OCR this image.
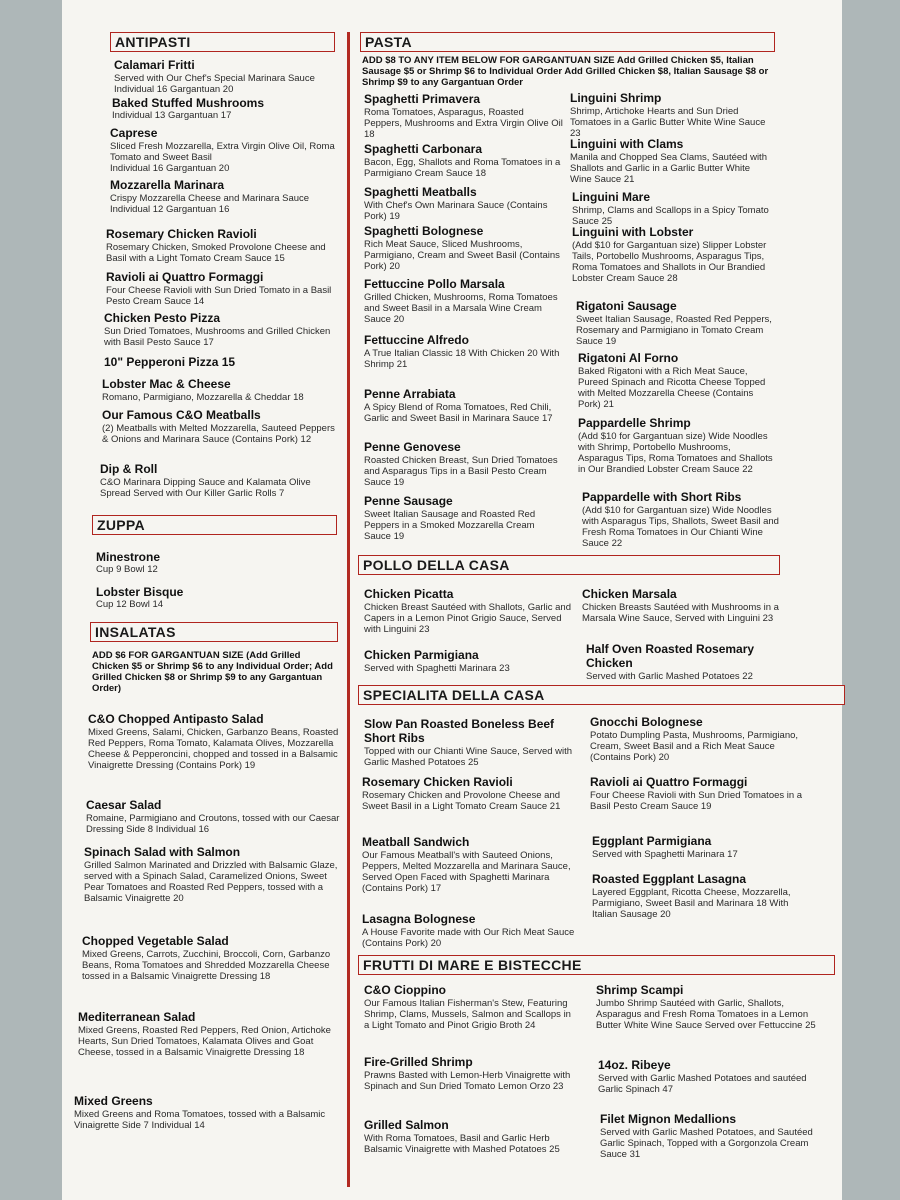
ANTIPASTI
ZUPPA
INSALATAS
PASTA
POLLO DELLA CASA
SPECIALITA DELLA CASA
FRUTTI DI MARE E BISTECCHE
Calamari Fritti
Served with Our Chef's Special Marinara Sauce
Individual 16 Gargantuan 20
Baked Stuffed Mushrooms
Individual 13 Gargantuan 17
Caprese
Sliced Fresh Mozzarella, Extra Virgin Olive Oil, Roma Tomato and Sweet Basil
Individual 16 Gargantuan 20
Mozzarella Marinara
Crispy Mozzarella Cheese and Marinara Sauce
Individual 12 Gargantuan 16
Rosemary Chicken Ravioli
Rosemary Chicken, Smoked Provolone Cheese and Basil with a Light Tomato Cream Sauce 15
Ravioli ai Quattro Formaggi
Four Cheese Ravioli with Sun Dried Tomato in a Basil Pesto Cream Sauce 14
Chicken Pesto Pizza
Sun Dried Tomatoes, Mushrooms and Grilled Chicken with Basil Pesto Sauce 17
10" Pepperoni Pizza 15
Lobster Mac & Cheese
Romano, Parmigiano, Mozzarella & Cheddar 18
Our Famous C&O Meatballs
(2) Meatballs with Melted Mozzarella, Sauteed Peppers & Onions and Marinara Sauce (Contains Pork) 12
Dip & Roll
C&O Marinara Dipping Sauce and Kalamata Olive Spread Served with Our Killer Garlic Rolls 7
Minestrone
Cup 9 Bowl 12
Lobster Bisque
Cup 12 Bowl 14
C&O Chopped Antipasto Salad
Mixed Greens, Salami, Chicken, Garbanzo Beans, Roasted Red Peppers, Roma Tomato, Kalamata Olives, Mozzarella Cheese & Pepperoncini, chopped and tossed in a Balsamic Vinaigrette Dressing (Contains Pork) 19
Caesar Salad
Romaine, Parmigiano and Croutons, tossed with our Caesar Dressing Side 8 Individual 16
Spinach Salad with Salmon
Grilled Salmon Marinated and Drizzled with Balsamic Glaze, served with a Spinach Salad, Caramelized Onions, Sweet Pear Tomatoes and Roasted Red Peppers, tossed with a Balsamic Vinaigrette 20
Chopped Vegetable Salad
Mixed Greens, Carrots, Zucchini, Broccoli, Corn, Garbanzo Beans, Roma Tomatoes and Shredded Mozzarella Cheese tossed in a Balsamic Vinaigrette Dressing 18
Mediterranean Salad
Mixed Greens, Roasted Red Peppers, Red Onion, Artichoke Hearts, Sun Dried Tomatoes, Kalamata Olives and Goat Cheese, tossed in a Balsamic Vinaigrette Dressing 18
Mixed Greens
Mixed Greens and Roma Tomatoes, tossed with a Balsamic Vinaigrette Side 7 Individual 14
Spaghetti Primavera
Roma Tomatoes, Asparagus, Roasted Peppers, Mushrooms and Extra Virgin Olive Oil 18
Spaghetti Carbonara
Bacon, Egg, Shallots and Roma Tomatoes in a Parmigiano Cream Sauce 18
Spaghetti Meatballs
With Chef's Own Marinara Sauce (Contains Pork) 19
Spaghetti Bolognese
Rich Meat Sauce, Sliced Mushrooms, Parmigiano, Cream and Sweet Basil (Contains Pork) 20
Fettuccine Pollo Marsala
Grilled Chicken, Mushrooms, Roma Tomatoes and Sweet Basil in a Marsala Wine Cream Sauce 20
Fettuccine Alfredo
A True Italian Classic 18 With Chicken 20 With Shrimp 21
Penne Arrabiata
A Spicy Blend of Roma Tomatoes, Red Chili, Garlic and Sweet Basil in Marinara Sauce 17
Penne Genovese
Roasted Chicken Breast, Sun Dried Tomatoes and Asparagus Tips in a Basil Pesto Cream Sauce 19
Penne Sausage
Sweet Italian Sausage and Roasted Red Peppers in a Smoked Mozzarella Cream Sauce 19
Linguini Shrimp
Shrimp, Artichoke Hearts and Sun Dried Tomatoes in a Garlic Butter White Wine Sauce 23
Linguini with Clams
Manila and Chopped Sea Clams, Sautéed with Shallots and Garlic in a Garlic Butter White Wine Sauce 21
Linguini Mare
Shrimp, Clams and Scallops in a Spicy Tomato Sauce 25
Linguini with Lobster
(Add $10 for Gargantuan size) Slipper Lobster Tails, Portobello Mushrooms, Asparagus Tips, Roma Tomatoes and Shallots in Our Brandied Lobster Cream Sauce 28
Rigatoni Sausage
Sweet Italian Sausage, Roasted Red Peppers, Rosemary and Parmigiano in Tomato Cream Sauce 19
Rigatoni Al Forno
Baked Rigatoni with a Rich Meat Sauce, Pureed Spinach and Ricotta Cheese Topped with Melted Mozzarella Cheese (Contains Pork) 21
Pappardelle Shrimp
(Add $10 for Gargantuan size) Wide Noodles with Shrimp, Portobello Mushrooms, Asparagus Tips, Roma Tomatoes and Shallots in Our Brandied Lobster Cream Sauce 22
Pappardelle with Short Ribs
(Add $10 for Gargantuan size) Wide Noodles with Asparagus Tips, Shallots, Sweet Basil and Fresh Roma Tomatoes in Our Chianti Wine Sauce 22
Chicken Picatta
Chicken Breast Sautéed with Shallots, Garlic and Capers in a Lemon Pinot Grigio Sauce, Served with Linguini 23
Chicken Marsala
Chicken Breasts Sautéed with Mushrooms in a Marsala Wine Sauce, Served with Linguini 23
Chicken Parmigiana
Served with Spaghetti Marinara 23
Half Oven Roasted Rosemary Chicken
Served with Garlic Mashed Potatoes 22
Slow Pan Roasted Boneless Beef Short Ribs
Topped with our Chianti Wine Sauce, Served with Garlic Mashed Potatoes 25
Rosemary Chicken Ravioli
Rosemary Chicken and Provolone Cheese and Sweet Basil in a Light Tomato Cream Sauce 21
Meatball Sandwich
Our Famous Meatball's with Sauteed Onions, Peppers, Melted Mozzarella and Marinara Sauce, Served Open Faced with Spaghetti Marinara (Contains Pork) 17
Lasagna Bolognese
A House Favorite made with Our Rich Meat Sauce (Contains Pork) 20
Gnocchi Bolognese
Potato Dumpling Pasta, Mushrooms, Parmigiano, Cream, Sweet Basil and a Rich Meat Sauce (Contains Pork) 20
Ravioli ai Quattro Formaggi
Four Cheese Ravioli with Sun Dried Tomatoes in a Basil Pesto Cream Sauce 19
Eggplant Parmigiana
Served with Spaghetti Marinara 17
Roasted Eggplant Lasagna
Layered Eggplant, Ricotta Cheese, Mozzarella, Parmigiano, Sweet Basil and Marinara 18 With Italian Sausage 20
C&O Cioppino
Our Famous Italian Fisherman's Stew, Featuring Shrimp, Clams, Mussels, Salmon and Scallops in a Light Tomato and Pinot Grigio Broth 24
Fire-Grilled Shrimp
Prawns Basted with Lemon-Herb Vinaigrette with Spinach and Sun Dried Tomato Lemon Orzo 23
Grilled Salmon
With Roma Tomatoes, Basil and Garlic Herb Balsamic Vinaigrette with Mashed Potatoes 25
Shrimp Scampi
Jumbo Shrimp Sautéed with Garlic, Shallots, Asparagus and Fresh Roma Tomatoes in a Lemon Butter White Wine Sauce Served over Fettuccine 25
14oz. Ribeye
Served with Garlic Mashed Potatoes and sautéed Garlic Spinach 47
Filet Mignon Medallions
Served with Garlic Mashed Potatoes, and Sautéed Garlic Spinach, Topped with a Gorgonzola Cream Sauce 31
ADD $6 FOR GARGANTUAN SIZE (Add Grilled Chicken $5 or Shrimp $6 to any Individual Order; Add Grilled Chicken $8 or Shrimp $9 to any Gargantuan Order)
ADD $8 TO ANY ITEM BELOW FOR GARGANTUAN SIZE Add Grilled Chicken $5, Italian Sausage $5 or Shrimp $6 to Individual Order Add Grilled Chicken $8, Italian Sausage $8 or Shrimp $9 to any Gargantuan Order
